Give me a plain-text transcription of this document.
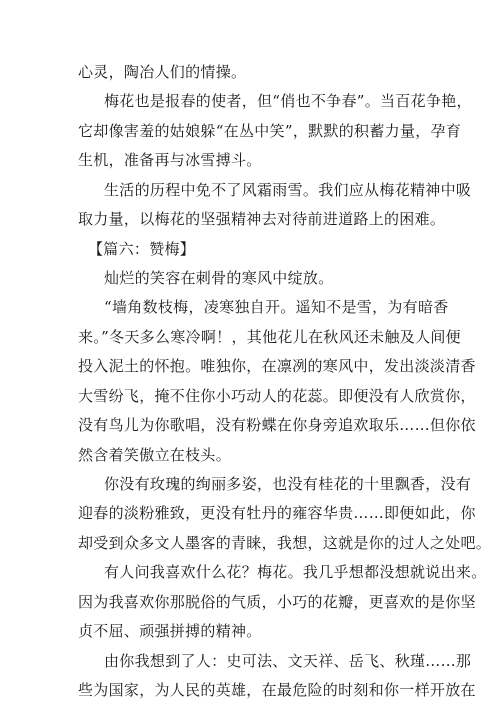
心灵，陶冶人们的情操。
梅花也是报春的使者，但“俏也不争春”。当百花争艳，
它却像害羞的姑娘躲“在丛中笑”，默默的积蓄力量，孕育
生机，准备再与冰雪搏斗。
生活的历程中免不了风霜雨雪。我们应从梅花精神中吸
取力量，以梅花的坚强精神去对待前进道路上的困难。
【篇六：赞梅】
灿烂的笑容在刺骨的寒风中绽放。
“墙角数枝梅，凌寒独自开。遥知不是雪，为有暗香
来。”冬天多么寒冷啊！，其他花儿在秋风还未触及人间便
投入泥土的怀抱。唯独你，在凛冽的寒风中，发出淡淡清香
大雪纷飞，掩不住你小巧动人的花蕊。即便没有人欣赏你，
没有鸟儿为你歌唱，没有粉蝶在你身旁追欢取乐……但你依
然含着笑傲立在枝头。
你没有玫瑰的绚丽多姿，也没有桂花的十里飘香，没有
迎春的淡粉雅致，更没有牡丹的雍容华贵……即便如此，你
却受到众多文人墨客的青睐，我想，这就是你的过人之处吧。
有人问我喜欢什么花？梅花。我几乎想都没想就说出来。
因为我喜欢你那脱俗的气质，小巧的花瓣，更喜欢的是你坚
贞不屈、顽强拼搏的精神。
由你我想到了人：史可法、文天祥、岳飞、秋瑾……那
些为国家，为人民的英雄，在最危险的时刻和你一样开放在
